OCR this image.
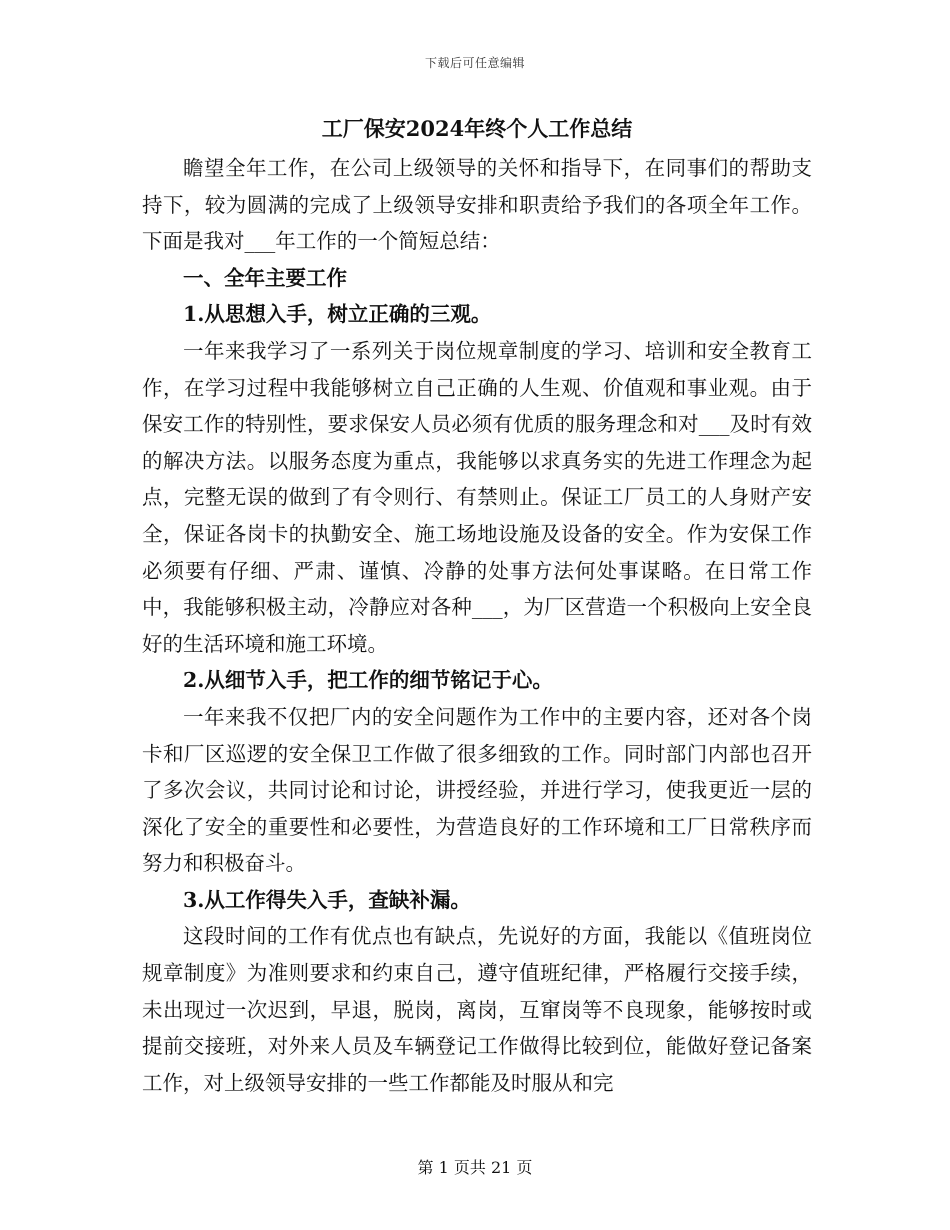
下载后可任意编辑
工厂保安2024年终个人工作总结

瞻望全年工作，在公司上级领导的关怀和指导下，在同事们的帮助支持下，较为圆满的完成了上级领导安排和职责给予我们的各项全年工作。下面是我对___年工作的一个简短总结：

一、全年主要工作

1.从思想入手，树立正确的三观。

一年来我学习了一系列关于岗位规章制度的学习、培训和安全教育工作，在学习过程中我能够树立自己正确的人生观、价值观和事业观。由于保安工作的特别性，要求保安人员必须有优质的服务理念和对___及时有效的解决方法。以服务态度为重点，我能够以求真务实的先进工作理念为起点，完整无误的做到了有令则行、有禁则止。保证工厂员工的人身财产安全，保证各岗卡的执勤安全、施工场地设施及设备的安全。作为安保工作必须要有仔细、严肃、谨慎、冷静的处事方法何处事谋略。在日常工作中，我能够积极主动，冷静应对各种___，为厂区营造一个积极向上安全良好的生活环境和施工环境。

2.从细节入手，把工作的细节铭记于心。

一年来我不仅把厂内的安全问题作为工作中的主要内容，还对各个岗卡和厂区巡逻的安全保卫工作做了很多细致的工作。同时部门内部也召开了多次会议，共同讨论和讨论，讲授经验，并进行学习，使我更近一层的深化了安全的重要性和必要性，为营造良好的工作环境和工厂日常秩序而努力和积极奋斗。

3.从工作得失入手，查缺补漏。

这段时间的工作有优点也有缺点，先说好的方面，我能以《值班岗位规章制度》为准则要求和约束自己，遵守值班纪律，严格履行交接手续，未出现过一次迟到，早退，脱岗，离岗，互窜岗等不良现象，能够按时或提前交接班，对外来人员及车辆登记工作做得比较到位，能做好登记备案工作，对上级领导安排的一些工作都能及时服从和完

第 1 页共 21 页
